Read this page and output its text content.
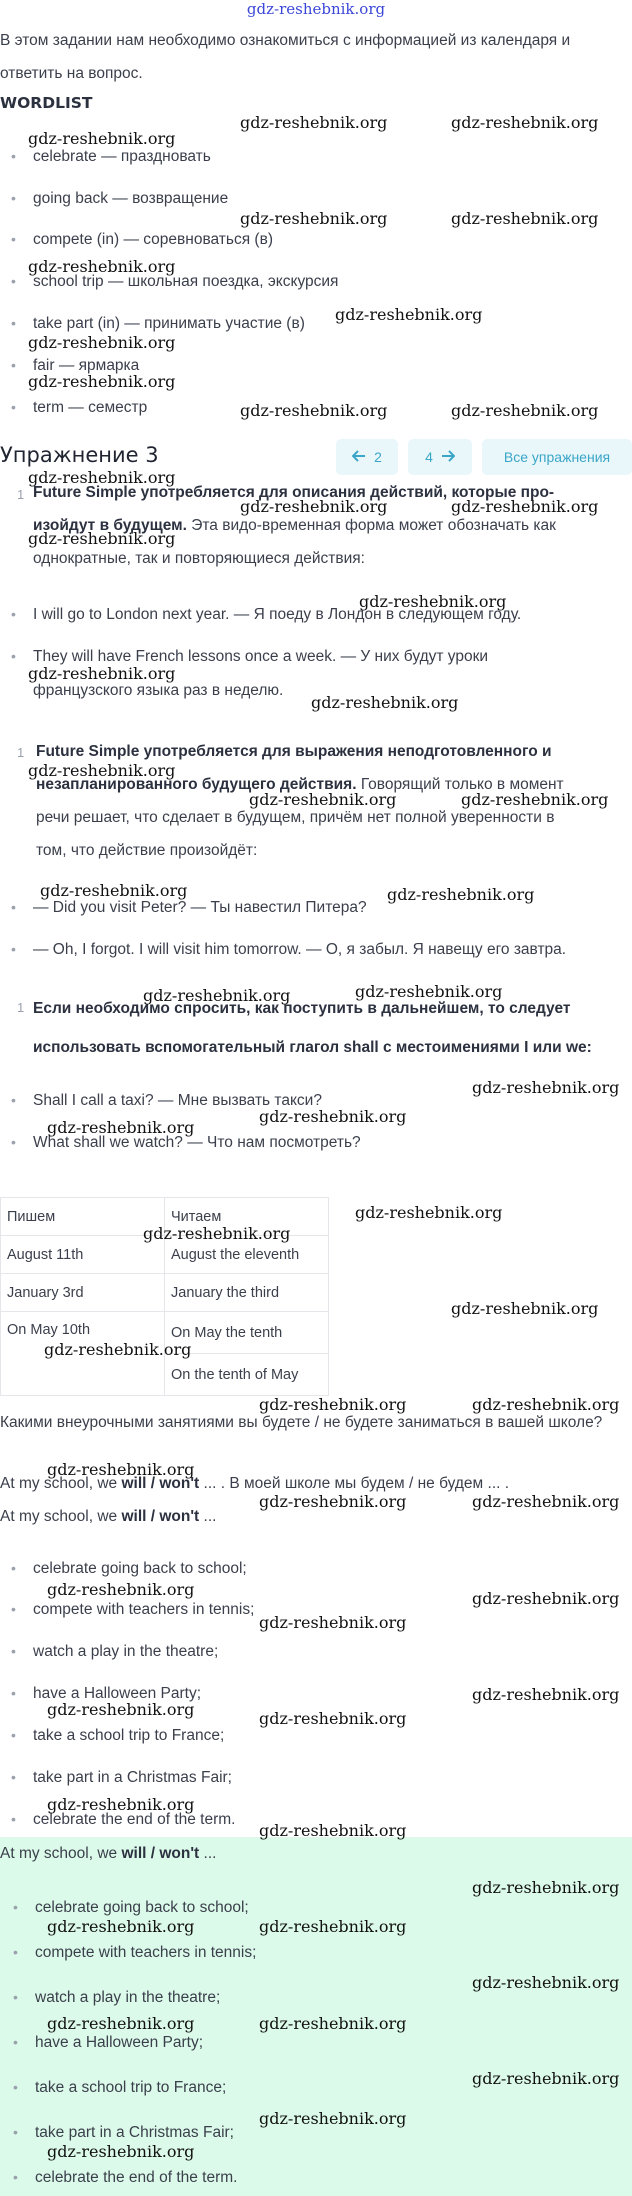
gdz-reshebnik.org
В этом задании нам необходимо ознакомиться с информацией из календаря и ответить на вопрос.
WORDLIST
• celebrate — праздновать
• going back — возвращение
• compete (in) — соревноваться (в)
• school trip — школьная поездка, экскурсия
• take part (in) — принимать участие (в)
• fair — ярмарка
• term — семестр
Упражнение 3	2	4	Все упражнения
1 Future Simple употребляется для описания действий, которые про-
изойдут в будущем. Эта видо-временная форма может обозначать как
однократные, так и повторяющиеся действия:
• I will go to London next year. — Я поеду в Лондон в следующем году.
• They will have French lessons once a week. — У них будут уроки
французского языка раз в неделю.
1 Future Simple употребляется для выражения неподготовленного и
незапланированного будущего действия. Говорящий только в момент
речи решает, что сделает в будущем, причём нет полной уверенности в
том, что действие произойдёт:
• — Did you visit Peter? — Ты навестил Питера?
• — Oh, I forgot. I will visit him tomorrow. — О, я забыл. Я навещу его завтра.
1 Если необходимо спросить, как поступить в дальнейшем, то следует
использовать вспомогательный глагол shall с местоимениями I или we:
• Shall I call a taxi? — Мне вызвать такси?
• What shall we watch? — Что нам посмотреть?
Пишем	Читаем
August 11th	August the eleventh
January 3rd	January the third
On May 10th	On May the tenth
	On the tenth of May
Какими внеурочными занятиями вы будете / не будете заниматься в вашей школе?
At my school, we will / won't ... . В моей школе мы будем / не будем ... .
At my school, we will / won't ...
• celebrate going back to school;
• compete with teachers in tennis;
• watch a play in the theatre;
• have a Halloween Party;
• take a school trip to France;
• take part in a Christmas Fair;
• celebrate the end of the term.
At my school, we will / won't ...
• celebrate going back to school;
• compete with teachers in tennis;
• watch a play in the theatre;
• have a Halloween Party;
• take a school trip to France;
• take part in a Christmas Fair;
• celebrate the end of the term.
gdz-reshebnik.org	gdz-reshebnik.org
gdz-reshebnik.org
gdz-reshebnik.org	gdz-reshebnik.org
gdz-reshebnik.org
gdz-reshebnik.org
gdz-reshebnik.org
gdz-reshebnik.org
gdz-reshebnik.org	gdz-reshebnik.org
gdz-reshebnik.org
gdz-reshebnik.org	gdz-reshebnik.org
gdz-reshebnik.org
gdz-reshebnik.org
gdz-reshebnik.org
gdz-reshebnik.org
gdz-reshebnik.org
gdz-reshebnik.org	gdz-reshebnik.org
gdz-reshebnik.org	gdz-reshebnik.org
gdz-reshebnik.org	gdz-reshebnik.org
gdz-reshebnik.org
gdz-reshebnik.org
gdz-reshebnik.org
gdz-reshebnik.org
gdz-reshebnik.org
gdz-reshebnik.org
gdz-reshebnik.org
gdz-reshebnik.org	gdz-reshebnik.org
gdz-reshebnik.org
gdz-reshebnik.org	gdz-reshebnik.org
gdz-reshebnik.org	gdz-reshebnik.org
gdz-reshebnik.org
gdz-reshebnik.org
gdz-reshebnik.org	gdz-reshebnik.org
gdz-reshebnik.org
gdz-reshebnik.org
gdz-reshebnik.org
gdz-reshebnik.org	gdz-reshebnik.org
gdz-reshebnik.org
gdz-reshebnik.org	gdz-reshebnik.org
gdz-reshebnik.org
gdz-reshebnik.org
gdz-reshebnik.org
